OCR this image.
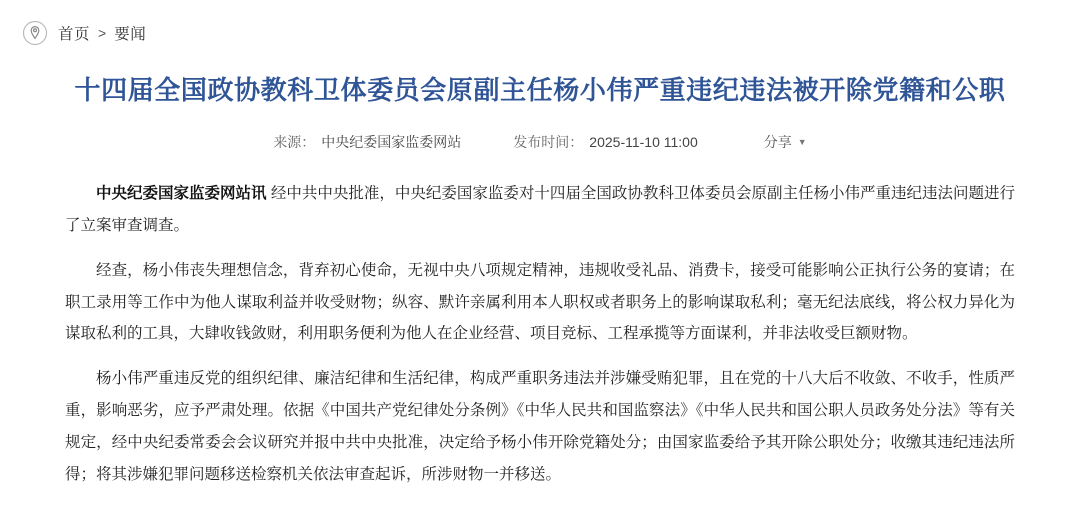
首页 > 要闻
十四届全国政协教科卫体委员会原副主任杨小伟严重违纪违法被开除党籍和公职
来源： 中央纪委国家监委网站	发布时间： 2025-11-10 11:00	分享 ▼

中央纪委国家监委网站讯 经中共中央批准，中央纪委国家监委对十四届全国政协教科卫体委员会原副主任杨小伟严重违纪违法问题进行了立案审查调查。

经查，杨小伟丧失理想信念，背弃初心使命，无视中央八项规定精神，违规收受礼品、消费卡，接受可能影响公正执行公务的宴请；在职工录用等工作中为他人谋取利益并收受财物；纵容、默许亲属利用本人职权或者职务上的影响谋取私利；毫无纪法底线，将公权力异化为谋取私利的工具，大肆收钱敛财，利用职务便利为他人在企业经营、项目竞标、工程承揽等方面谋利，并非法收受巨额财物。

杨小伟严重违反党的组织纪律、廉洁纪律和生活纪律，构成严重职务违法并涉嫌受贿犯罪，且在党的十八大后不收敛、不收手，性质严重，影响恶劣，应予严肃处理。依据《中国共产党纪律处分条例》《中华人民共和国监察法》《中华人民共和国公职人员政务处分法》等有关规定，经中央纪委常委会会议研究并报中共中央批准，决定给予杨小伟开除党籍处分；由国家监委给予其开除公职处分；收缴其违纪违法所得；将其涉嫌犯罪问题移送检察机关依法审查起诉，所涉财物一并移送。
